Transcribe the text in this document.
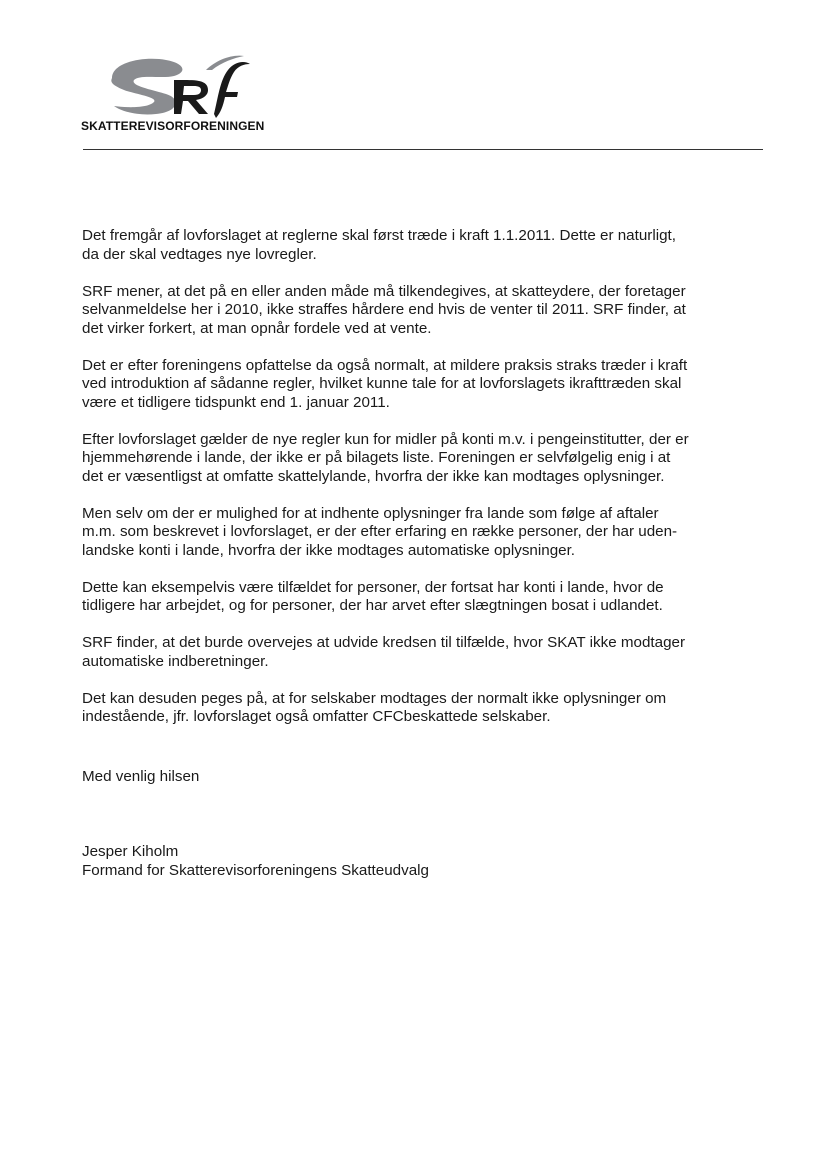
SKATTEREVISORFORENINGEN

Det fremgår af lovforslaget at reglerne skal først træde i kraft 1.1.2011. Dette er naturligt,
da der skal vedtages nye lovregler.

SRF mener, at det på en eller anden måde må tilkendegives, at skatteydere, der foretager
selvanmeldelse her i 2010, ikke straffes hårdere end hvis de venter til 2011. SRF finder, at
det virker forkert, at man opnår fordele ved at vente.

Det er efter foreningens opfattelse da også normalt, at mildere praksis straks træder i kraft
ved introduktion af sådanne regler, hvilket kunne tale for at lovforslagets ikrafttræden skal
være et tidligere tidspunkt end 1. januar 2011.

Efter lovforslaget gælder de nye regler kun for midler på konti m.v. i pengeinstitutter, der er
hjemmehørende i lande, der ikke er på bilagets liste. Foreningen er selvfølgelig enig i at
det er væsentligst at omfatte skattelylande, hvorfra der ikke kan modtages oplysninger.

Men selv om der er mulighed for at indhente oplysninger fra lande som følge af aftaler
m.m. som beskrevet i lovforslaget, er der efter erfaring en række personer, der har uden-
landske konti i lande, hvorfra der ikke modtages automatiske oplysninger.

Dette kan eksempelvis være tilfældet for personer, der fortsat har konti i lande, hvor de
tidligere har arbejdet, og for personer, der har arvet efter slægtningen bosat i udlandet.

SRF finder, at det burde overvejes at udvide kredsen til tilfælde, hvor SKAT ikke modtager
automatiske indberetninger.

Det kan desuden peges på, at for selskaber modtages der normalt ikke oplysninger om
indestående, jfr. lovforslaget også omfatter CFCbeskattede selskaber.

Med venlig hilsen

Jesper Kiholm
Formand for Skatterevisorforeningens Skatteudvalg
